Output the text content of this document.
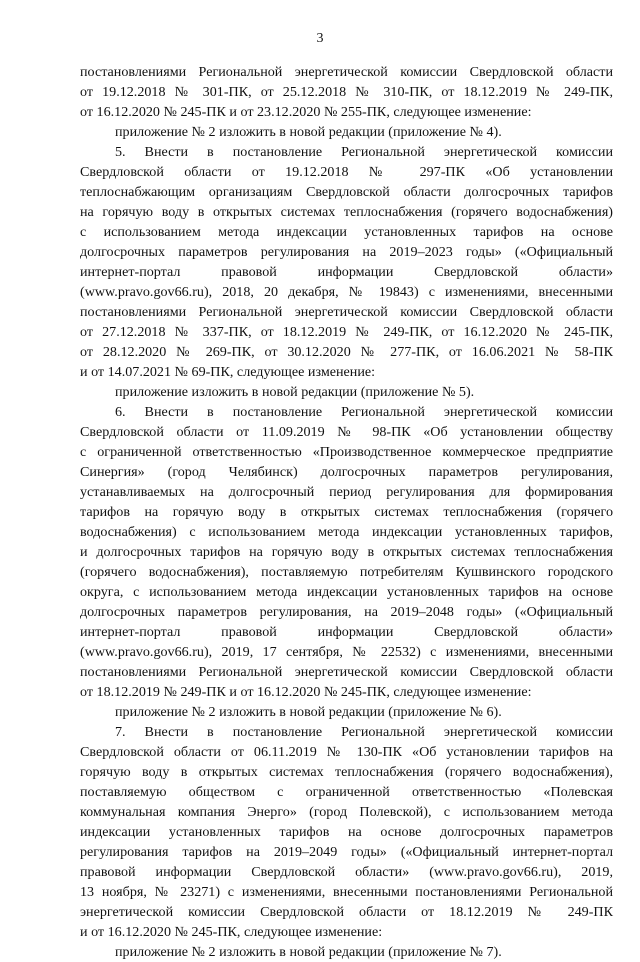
3
постановлениями Региональной энергетической комиссии Свердловской области
от 19.12.2018 № 301-ПК, от 25.12.2018 № 310-ПК, от 18.12.2019 № 249-ПК,
от 16.12.2020 № 245-ПК и от 23.12.2020 № 255-ПК, следующее изменение:
приложение № 2 изложить в новой редакции (приложение № 4).
5. Внести в постановление Региональной энергетической комиссии
Свердловской области от 19.12.2018 № 297-ПК «Об установлении
теплоснабжающим организациям Свердловской области долгосрочных тарифов
на горячую воду в открытых системах теплоснабжения (горячего водоснабжения)
с использованием метода индексации установленных тарифов на основе
долгосрочных параметров регулирования на 2019–2023 годы» («Официальный
интернет-портал правовой информации Свердловской области»
(www.pravo.gov66.ru), 2018, 20 декабря, № 19843) с изменениями, внесенными
постановлениями Региональной энергетической комиссии Свердловской области
от 27.12.2018 № 337-ПК, от 18.12.2019 № 249-ПК, от 16.12.2020 № 245-ПК,
от 28.12.2020 № 269-ПК, от 30.12.2020 № 277-ПК, от 16.06.2021 № 58-ПК
и от 14.07.2021 № 69-ПК, следующее изменение:
приложение изложить в новой редакции (приложение № 5).
6. Внести в постановление Региональной энергетической комиссии
Свердловской области от 11.09.2019 № 98-ПК «Об установлении обществу
с ограниченной ответственностью «Производственное коммерческое предприятие
Синергия» (город Челябинск) долгосрочных параметров регулирования,
устанавливаемых на долгосрочный период регулирования для формирования
тарифов на горячую воду в открытых системах теплоснабжения (горячего
водоснабжения) с использованием метода индексации установленных тарифов,
и долгосрочных тарифов на горячую воду в открытых системах теплоснабжения
(горячего водоснабжения), поставляемую потребителям Кушвинского городского
округа, с использованием метода индексации установленных тарифов на основе
долгосрочных параметров регулирования, на 2019–2048 годы» («Официальный
интернет-портал правовой информации Свердловской области»
(www.pravo.gov66.ru), 2019, 17 сентября, № 22532) с изменениями, внесенными
постановлениями Региональной энергетической комиссии Свердловской области
от 18.12.2019 № 249-ПК и от 16.12.2020 № 245-ПК, следующее изменение:
приложение № 2 изложить в новой редакции (приложение № 6).
7. Внести в постановление Региональной энергетической комиссии
Свердловской области от 06.11.2019 № 130-ПК «Об установлении тарифов на
горячую воду в открытых системах теплоснабжения (горячего водоснабжения),
поставляемую обществом с ограниченной ответственностью «Полевская
коммунальная компания Энерго» (город Полевской), с использованием метода
индексации установленных тарифов на основе долгосрочных параметров
регулирования тарифов на 2019–2049 годы» («Официальный интернет-портал
правовой информации Свердловской области» (www.pravo.gov66.ru), 2019,
13 ноября, № 23271) с изменениями, внесенными постановлениями Региональной
энергетической комиссии Свердловской области от 18.12.2019 № 249-ПК
и от 16.12.2020 № 245-ПК, следующее изменение:
приложение № 2 изложить в новой редакции (приложение № 7).
